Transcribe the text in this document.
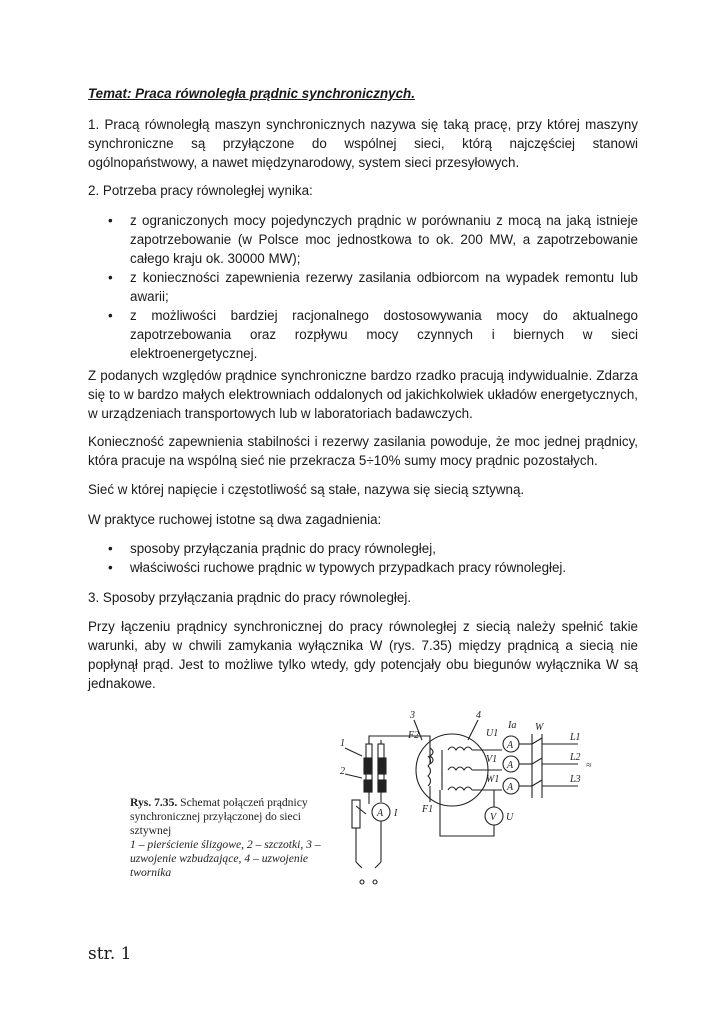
Temat: Praca równoległa prądnic synchronicznych.

1. Pracą równoległą maszyn synchronicznych nazywa się taką pracę, przy której maszyny synchroniczne są przyłączone do wspólnej sieci, którą najczęściej stanowi ogólnopaństwowy, a nawet międzynarodowy, system sieci przesyłowych.

2. Potrzeba pracy równoległej wynika:

• z ograniczonych mocy pojedynczych prądnic w porównaniu z mocą na jaką istnieje zapotrzebowanie (w Polsce moc jednostkowa to ok. 200 MW, a zapotrzebowanie całego kraju ok. 30000 MW);
• z konieczności zapewnienia rezerwy zasilania odbiorcom na wypadek remontu lub awarii;
• z możliwości bardziej racjonalnego dostosowywania mocy do aktualnego zapotrzebowania oraz rozpływu mocy czynnych i biernych w sieci elektroenergetycznej.

Z podanych względów prądnice synchroniczne bardzo rzadko pracują indywidualnie. Zdarza się to w bardzo małych elektrowniach oddalonych od jakichkolwiek układów energetycznych, w urządzeniach transportowych lub w laboratoriach badawczych.

Konieczność zapewnienia stabilności i rezerwy zasilania powoduje, że moc jednej prądnicy, która pracuje na wspólną sieć nie przekracza 5÷10% sumy mocy prądnic pozostałych.

Sieć w której napięcie i częstotliwość są stałe, nazywa się siecią sztywną.

W praktyce ruchowej istotne są dwa zagadnienia:

• sposoby przyłączania prądnic do pracy równoległej,
• właściwości ruchowe prądnic w typowych przypadkach pracy równoległej.

3. Sposoby przyłączania prądnic do pracy równoległej.

Przy łączeniu prądnicy synchronicznej do pracy równoległej z siecią należy spełnić takie warunki, aby w chwili zamykania wyłącznika W (rys. 7.35) między prądnicą a siecią nie popłynął prąd. Jest to możliwe tylko wtedy, gdy potencjały obu biegunów wyłącznika W są jednakowe.

Rys. 7.35. Schemat połączeń prądnicy synchronicznej przyłączonej do sieci sztywnej
1 – pierścienie ślizgowe, 2 – szczotki, 3 – uzwojenie wzbudzające, 4 – uzwojenie twornika
1
2
3	4
F2
F1
U1
V1
W1
Ia W
L1
L2
L3
≈
A
A
A
V U
A I
str. 1
